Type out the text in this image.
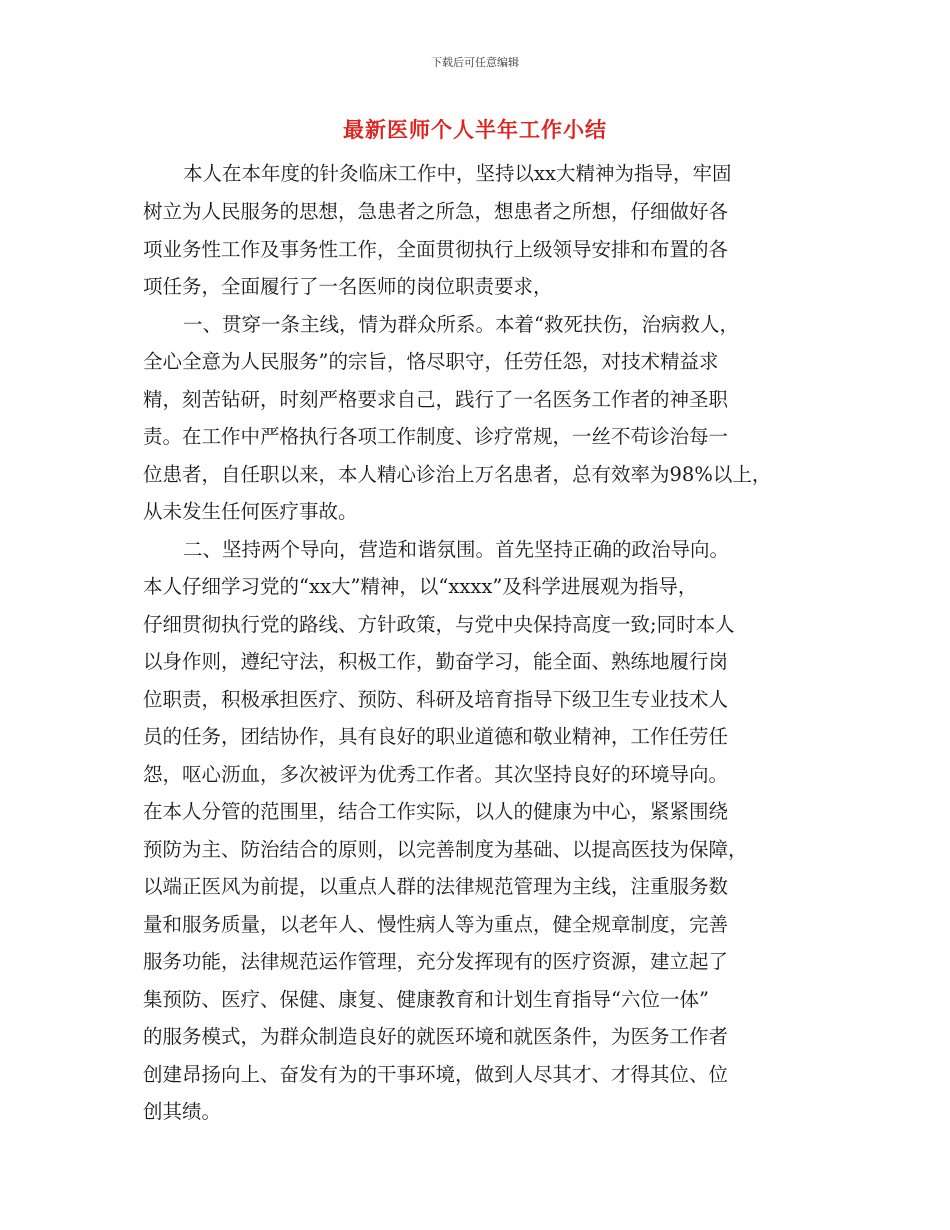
下载后可任意编辑
最新医师个人半年工作小结
本人在本年度的针灸临床工作中，坚持以xx大精神为指导，牢固
树立为人民服务的思想，急患者之所急，想患者之所想，仔细做好各
项业务性工作及事务性工作，全面贯彻执行上级领导安排和布置的各
项任务，全面履行了一名医师的岗位职责要求，
一、贯穿一条主线，情为群众所系。本着“救死扶伤，治病救人，
全心全意为人民服务”的宗旨，恪尽职守，任劳任怨，对技术精益求
精，刻苦钻研，时刻严格要求自己，践行了一名医务工作者的神圣职
责。在工作中严格执行各项工作制度、诊疗常规，一丝不苟诊治每一
位患者，自任职以来，本人精心诊治上万名患者，总有效率为98%以上，
从未发生任何医疗事故。
二、坚持两个导向，营造和谐氛围。首先坚持正确的政治导向。
本人仔细学习党的“xx大”精神，以“xxxx”及科学进展观为指导，
仔细贯彻执行党的路线、方针政策，与党中央保持高度一致;同时本人
以身作则，遵纪守法，积极工作，勤奋学习，能全面、熟练地履行岗
位职责，积极承担医疗、预防、科研及培育指导下级卫生专业技术人
员的任务，团结协作，具有良好的职业道德和敬业精神，工作任劳任
怨，呕心沥血，多次被评为优秀工作者。其次坚持良好的环境导向。
在本人分管的范围里，结合工作实际，以人的健康为中心，紧紧围绕
预防为主、防治结合的原则，以完善制度为基础、以提高医技为保障，
以端正医风为前提，以重点人群的法律规范管理为主线，注重服务数
量和服务质量，以老年人、慢性病人等为重点，健全规章制度，完善
服务功能，法律规范运作管理，充分发挥现有的医疗资源，建立起了
集预防、医疗、保健、康复、健康教育和计划生育指导“六位一体”
的服务模式，为群众制造良好的就医环境和就医条件，为医务工作者
创建昂扬向上、奋发有为的干事环境，做到人尽其才、才得其位、位
创其绩。
